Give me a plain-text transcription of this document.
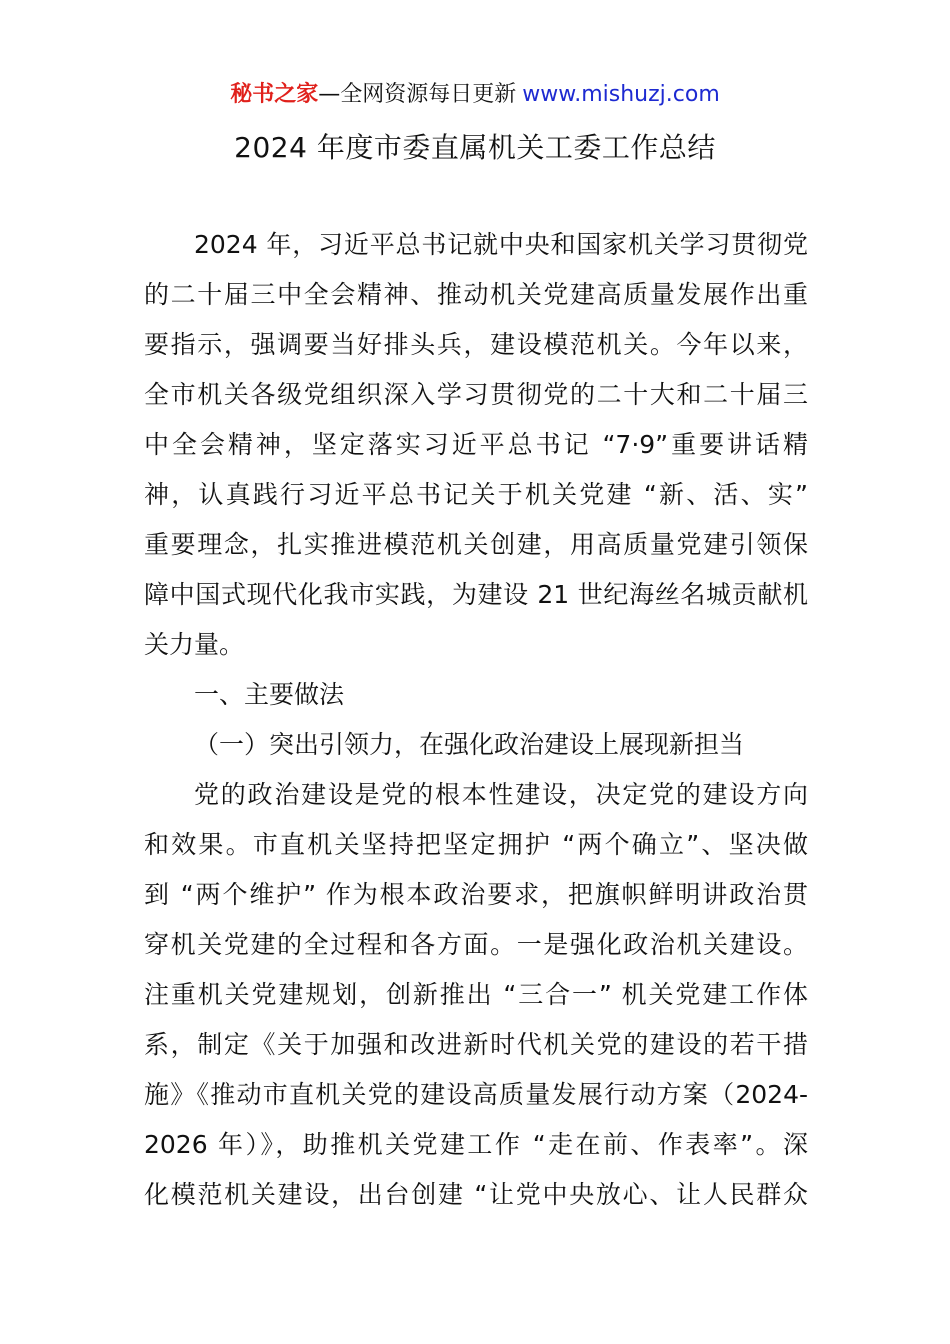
秘书之家—全网资源每日更新 www.mishuzj.com
2024 年度市委直属机关工委工作总结
2024 年，习近平总书记就中央和国家机关学习贯彻党
的二十届三中全会精神、推动机关党建高质量发展作出重
要指示，强调要当好排头兵，建设模范机关。今年以来，
全市机关各级党组织深入学习贯彻党的二十大和二十届三
中全会精神，坚定落实习近平总书记 “7·9”重要讲话精
神，认真践行习近平总书记关于机关党建 “新、活、实”
重要理念，扎实推进模范机关创建，用高质量党建引领保
障中国式现代化我市实践，为建设 21 世纪海丝名城贡献机
关力量。
一、主要做法
（一）突出引领力，在强化政治建设上展现新担当
党的政治建设是党的根本性建设，决定党的建设方向
和效果。市直机关坚持把坚定拥护 “两个确立”、坚决做
到 “两个维护” 作为根本政治要求，把旗帜鲜明讲政治贯
穿机关党建的全过程和各方面。一是强化政治机关建设。
注重机关党建规划，创新推出 “三合一” 机关党建工作体
系，制定《关于加强和改进新时代机关党的建设的若干措
施》《推动市直机关党的建设高质量发展行动方案（2024-
2026 年）》，助推机关党建工作 “走在前、作表率”。深
化模范机关建设，出台创建 “让党中央放心、让人民群众
